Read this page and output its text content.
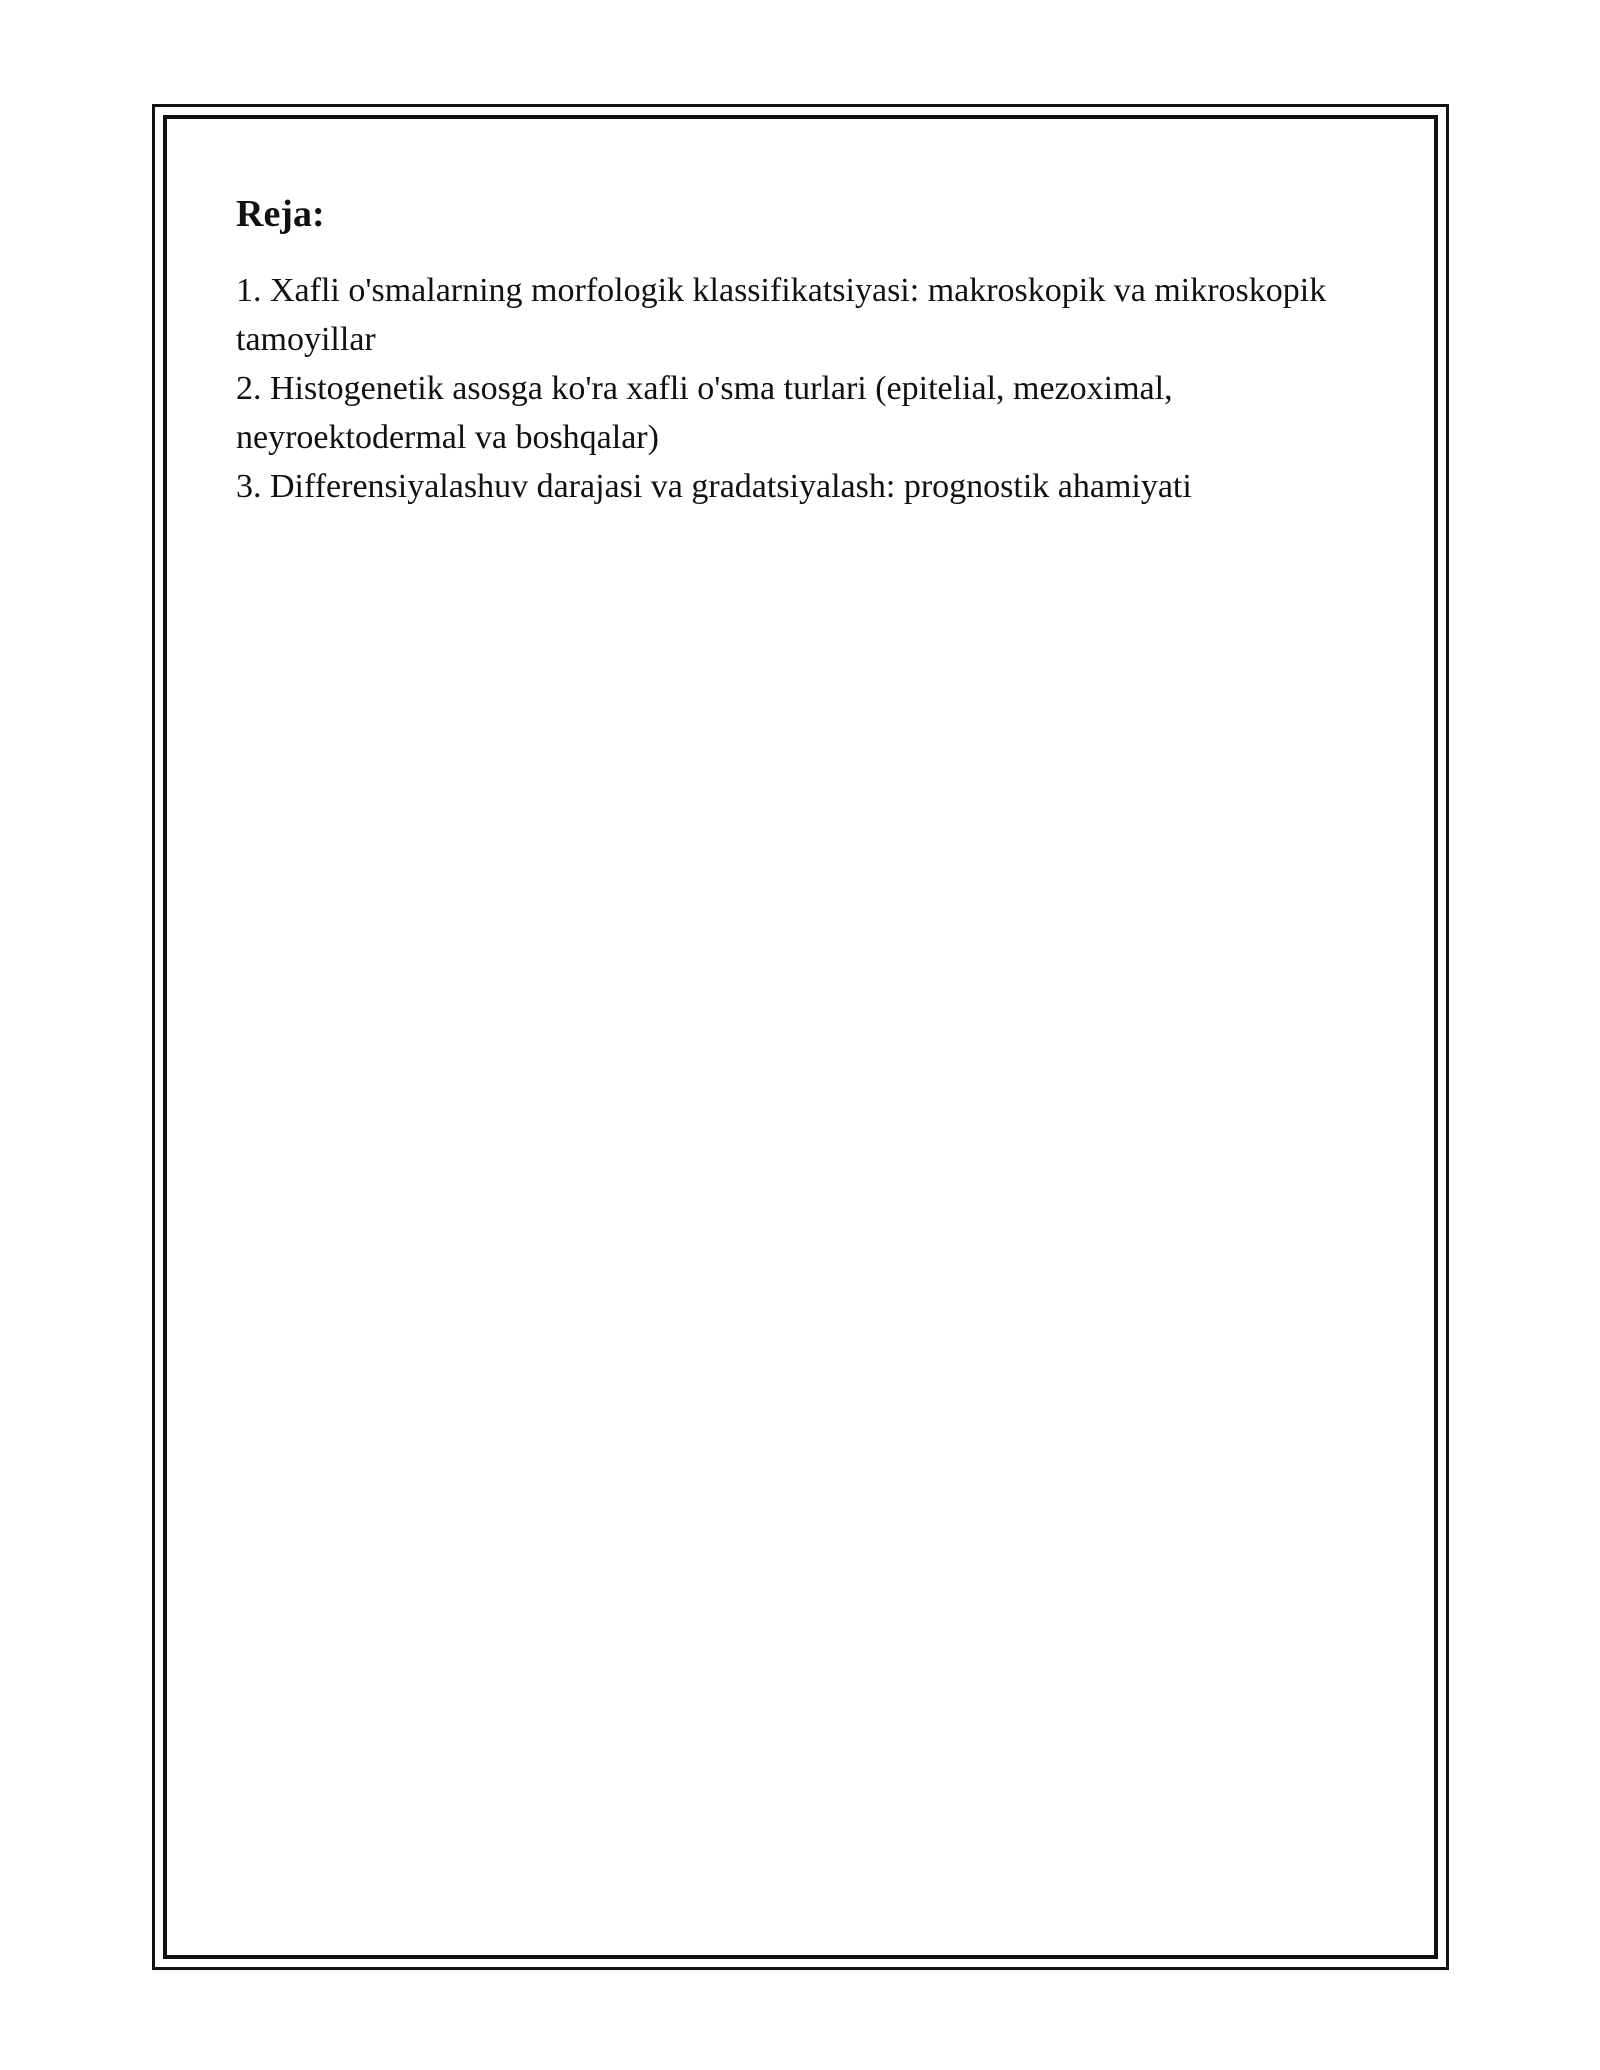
Reja:
1. Xafli o'smalarning morfologik klassifikatsiyasi: makroskopik va mikroskopik tamoyillar
2. Histogenetik asosga ko'ra xafli o'sma turlari (epitelial, mezoximal, neyroektodermal va boshqalar)
3. Differensiyalashuv darajasi va gradatsiyalash: prognostik ahamiyati
